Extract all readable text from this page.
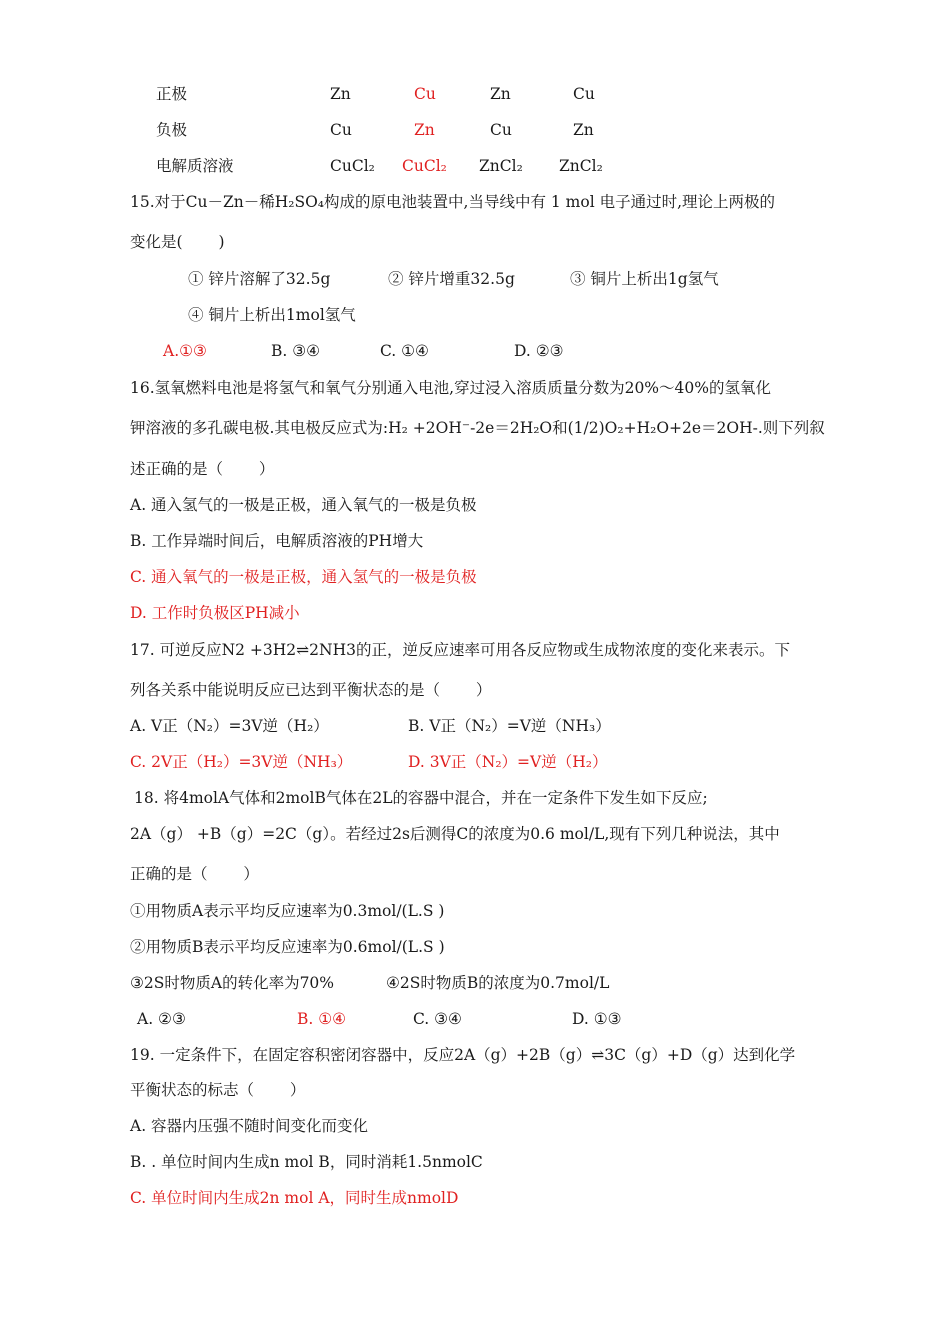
正极	Zn	Cu	Zn	Cu
负极	Cu	Zn	Cu	Zn
电解质溶液	CuCl₂ CuCl₂ ZnCl₂ ZnCl₂
15.对于Cu－Zn－稀H₂SO₄构成的原电池装置中,当导线中有 1 mol 电子通过时,理论上两极的
变化是(　　 )
① 锌片溶解了32.5g	② 锌片增重32.5g	③ 铜片上析出1g氢气
④ 铜片上析出1mol氢气
A.①③	B. ③④	C. ①④	D. ②③
16.氢氧燃料电池是将氢气和氧气分别通入电池,穿过浸入溶质质量分数为20%～40%的氢氧化
钾溶液的多孔碳电极.其电极反应式为:H₂ +2OH⁻-2e＝2H₂O和(1/2)O₂+H₂O+2e＝2OH-.则下列叙
述正确的是（　　 ）
A. 通入氢气的一极是正极，通入氧气的一极是负极
B. 工作异端时间后，电解质溶液的PH增大
C. 通入氧气的一极是正极，通入氢气的一极是负极
D. 工作时负极区PH减小
17. 可逆反应N2 +3H2⇌2NH3的正，逆反应速率可用各反应物或生成物浓度的变化来表示。下
列各关系中能说明反应已达到平衡状态的是（　　 ）
A. V正（N₂）=3V逆（H₂）	B. V正（N₂）=V逆（NH₃）
C. 2V正（H₂）=3V逆（NH₃）	D. 3V正（N₂）=V逆（H₂）
18. 将4molA气体和2molB气体在2L的容器中混合，并在一定条件下发生如下反应;
2A（g） +B（g）=2C（g）。若经过2s后测得C的浓度为0.6 mol/L,现有下列几种说法，其中
正确的是（　　 ）
①用物质A表示平均反应速率为0.3mol/(L.S )
②用物质B表示平均反应速率为0.6mol/(L.S )
③2S时物质A的转化率为70%	④2S时物质B的浓度为0.7mol/L
A. ②③	B. ①④	C. ③④	D. ①③
19. 一定条件下，在固定容积密闭容器中，反应2A（g）+2B（g）⇌3C（g）+D（g）达到化学
平衡状态的标志（　　 ）
A. 容器内压强不随时间变化而变化
B. . 单位时间内生成n mol B，同时消耗1.5nmolC
C. 单位时间内生成2n mol A，同时生成nmolD
